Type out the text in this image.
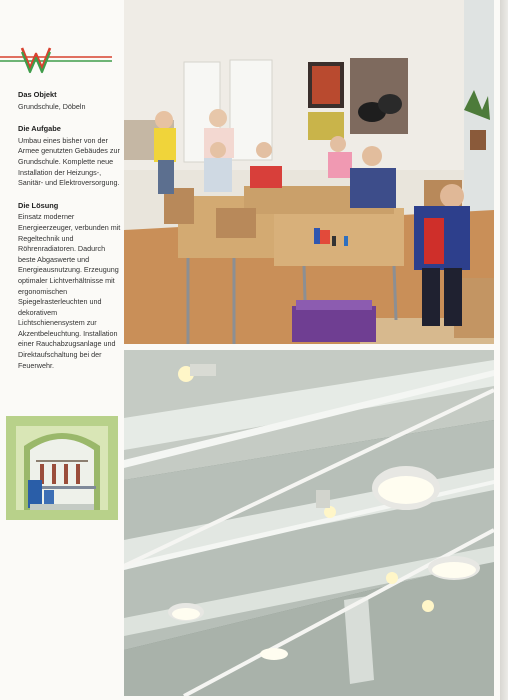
Das Objekt

Grundschule, Döbeln

Die Aufgabe

Umbau eines bisher von der Armee genutzten Gebäudes zur Grundschule. Komplette neue Installation der Heizungs-, Sanitär- und Elektroversorgung.

Die Lösung

Einsatz moderner Energieerzeuger, verbunden mit Regeltechnik und Röhrenradiatoren. Dadurch beste Abgaswerte und Energieausnutzung. Erzeugung optimaler Lichtverhältnisse mit ergonomischen Spiegelrasterleuchten und dekorativem Lichtschienensystem zur Akzentbeleuchtung. Installation einer Rauchabzugsanlage und Direktaufschaltung bei der Feuerwehr.
